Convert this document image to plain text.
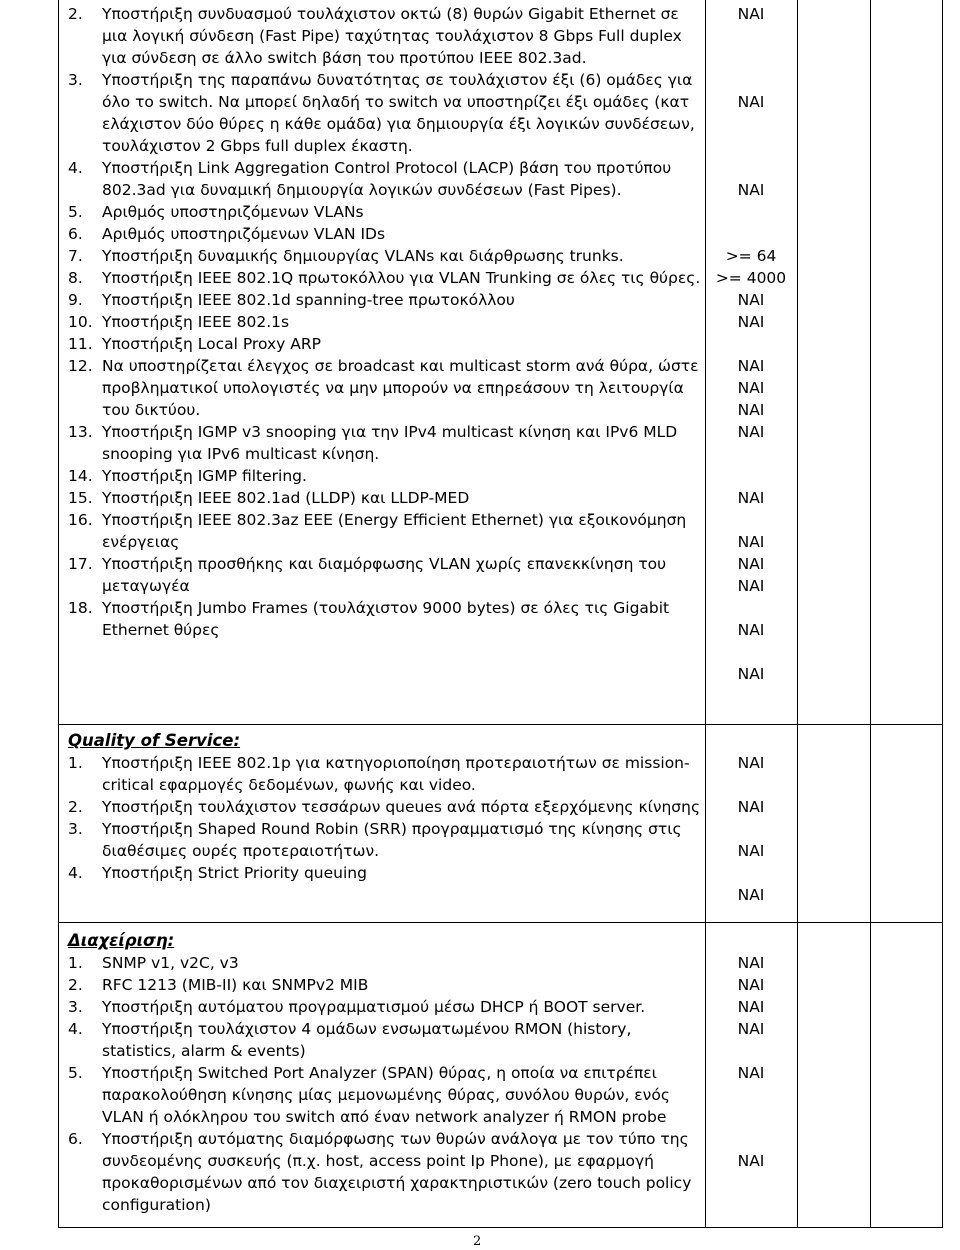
2. Υποστήριξη συνδυασμού τουλάχιστον οκτώ (8) θυρών Gigabit Ethernet σε μια λογική σύνδεση (Fast Pipe) ταχύτητας τουλάχιστον 8 Gbps Full duplex για σύνδεση σε άλλο switch βάση του προτύπου IEEE 802.3ad.
3. Υποστήριξη της παραπάνω δυνατότητας σε τουλάχιστον έξι (6) ομάδες για όλο το switch. Να μπορεί δηλαδή το switch να υποστηρίζει έξι ομάδες (κατ ελάχιστον δύο θύρες η κάθε ομάδα) για δημιουργία έξι λογικών συνδέσεων, τουλάχιστον 2 Gbps full duplex έκαστη.
4. Υποστήριξη Link Aggregation Control Protocol (LACP) βάση του προτύπου 802.3ad για δυναμική δημιουργία λογικών συνδέσεων (Fast Pipes).
5. Αριθμός υποστηριζόμενων VLANs
6. Αριθμός υποστηριζόμενων VLAN IDs
7. Υποστήριξη δυναμικής δημιουργίας VLANs και διάρθρωσης trunks.
8. Υποστήριξη IEEE 802.1Q πρωτοκόλλου για VLAN Trunking σε όλες τις θύρες.
9. Υποστήριξη IEEE 802.1d spanning-tree πρωτοκόλλου
10. Υποστήριξη IEEE 802.1s
11. Υποστήριξη Local Proxy ARP
12. Να υποστηρίζεται έλεγχος σε broadcast και multicast storm ανά θύρα, ώστε προβληματικοί υπολογιστές να μην μπορούν να επηρεάσουν τη λειτουργία του δικτύου.
13. Υποστήριξη IGMP v3 snooping για την IPv4 multicast κίνηση και IPv6 MLD snooping για IPv6 multicast κίνηση.
14. Υποστήριξη IGMP filtering.
15. Υποστήριξη IEEE 802.1ad (LLDP) και LLDP-MED
16. Υποστήριξη IEEE 802.3az EEE (Energy Efficient Ethernet) για εξοικονόμηση ενέργειας
17. Υποστήριξη προσθήκης και διαμόρφωσης VLAN χωρίς επανεκκίνηση του μεταγωγέα
18. Υποστήριξη Jumbo Frames (τουλάχιστον 9000 bytes) σε όλες τις Gigabit Ethernet θύρες
ΝΑΙ
ΝΑΙ
ΝΑΙ
>= 64
>= 4000
ΝΑΙ
ΝΑΙ
ΝΑΙ
ΝΑΙ
ΝΑΙ
ΝΑΙ
ΝΑΙ
ΝΑΙ
ΝΑΙ
ΝΑΙ
ΝΑΙ
ΝΑΙ
Quality of Service:
1. Υποστήριξη IEEE 802.1p για κατηγοριοποίηση προτεραιοτήτων σε mission-critical εφαρμογές δεδομένων, φωνής και video.
2. Υποστήριξη τουλάχιστον τεσσάρων queues ανά πόρτα εξερχόμενης κίνησης
3. Υποστήριξη Shaped Round Robin (SRR) προγραμματισμό της κίνησης στις διαθέσιμες ουρές προτεραιοτήτων.
4. Υποστήριξη Strict Priority queuing
ΝΑΙ
ΝΑΙ
ΝΑΙ
ΝΑΙ
Διαχείριση:
1. SNMP v1, v2C, v3
2. RFC 1213 (MIB-II) και SNMPv2 MIB
3. Υποστήριξη αυτόματου προγραμματισμού μέσω DHCP ή BOOT server.
4. Υποστήριξη τουλάχιστον 4 ομάδων ενσωματωμένου RMON (history, statistics, alarm & events)
5. Υποστήριξη Switched Port Analyzer (SPAN) θύρας, η οποία να επιτρέπει παρακολούθηση κίνησης μίας μεμονωμένης θύρας, συνόλου θυρών, ενός VLAN ή ολόκληρου του switch από έναν network analyzer ή RMON probe
6. Υποστήριξη αυτόματης διαμόρφωσης των θυρών ανάλογα με τον τύπο της συνδεομένης συσκευής (π.χ. host, access point Ip Phone), με εφαρμογή προκαθορισμένων από τον διαχειριστή χαρακτηριστικών (zero touch policy configuration)
ΝΑΙ
ΝΑΙ
ΝΑΙ
ΝΑΙ
ΝΑΙ
ΝΑΙ
2
